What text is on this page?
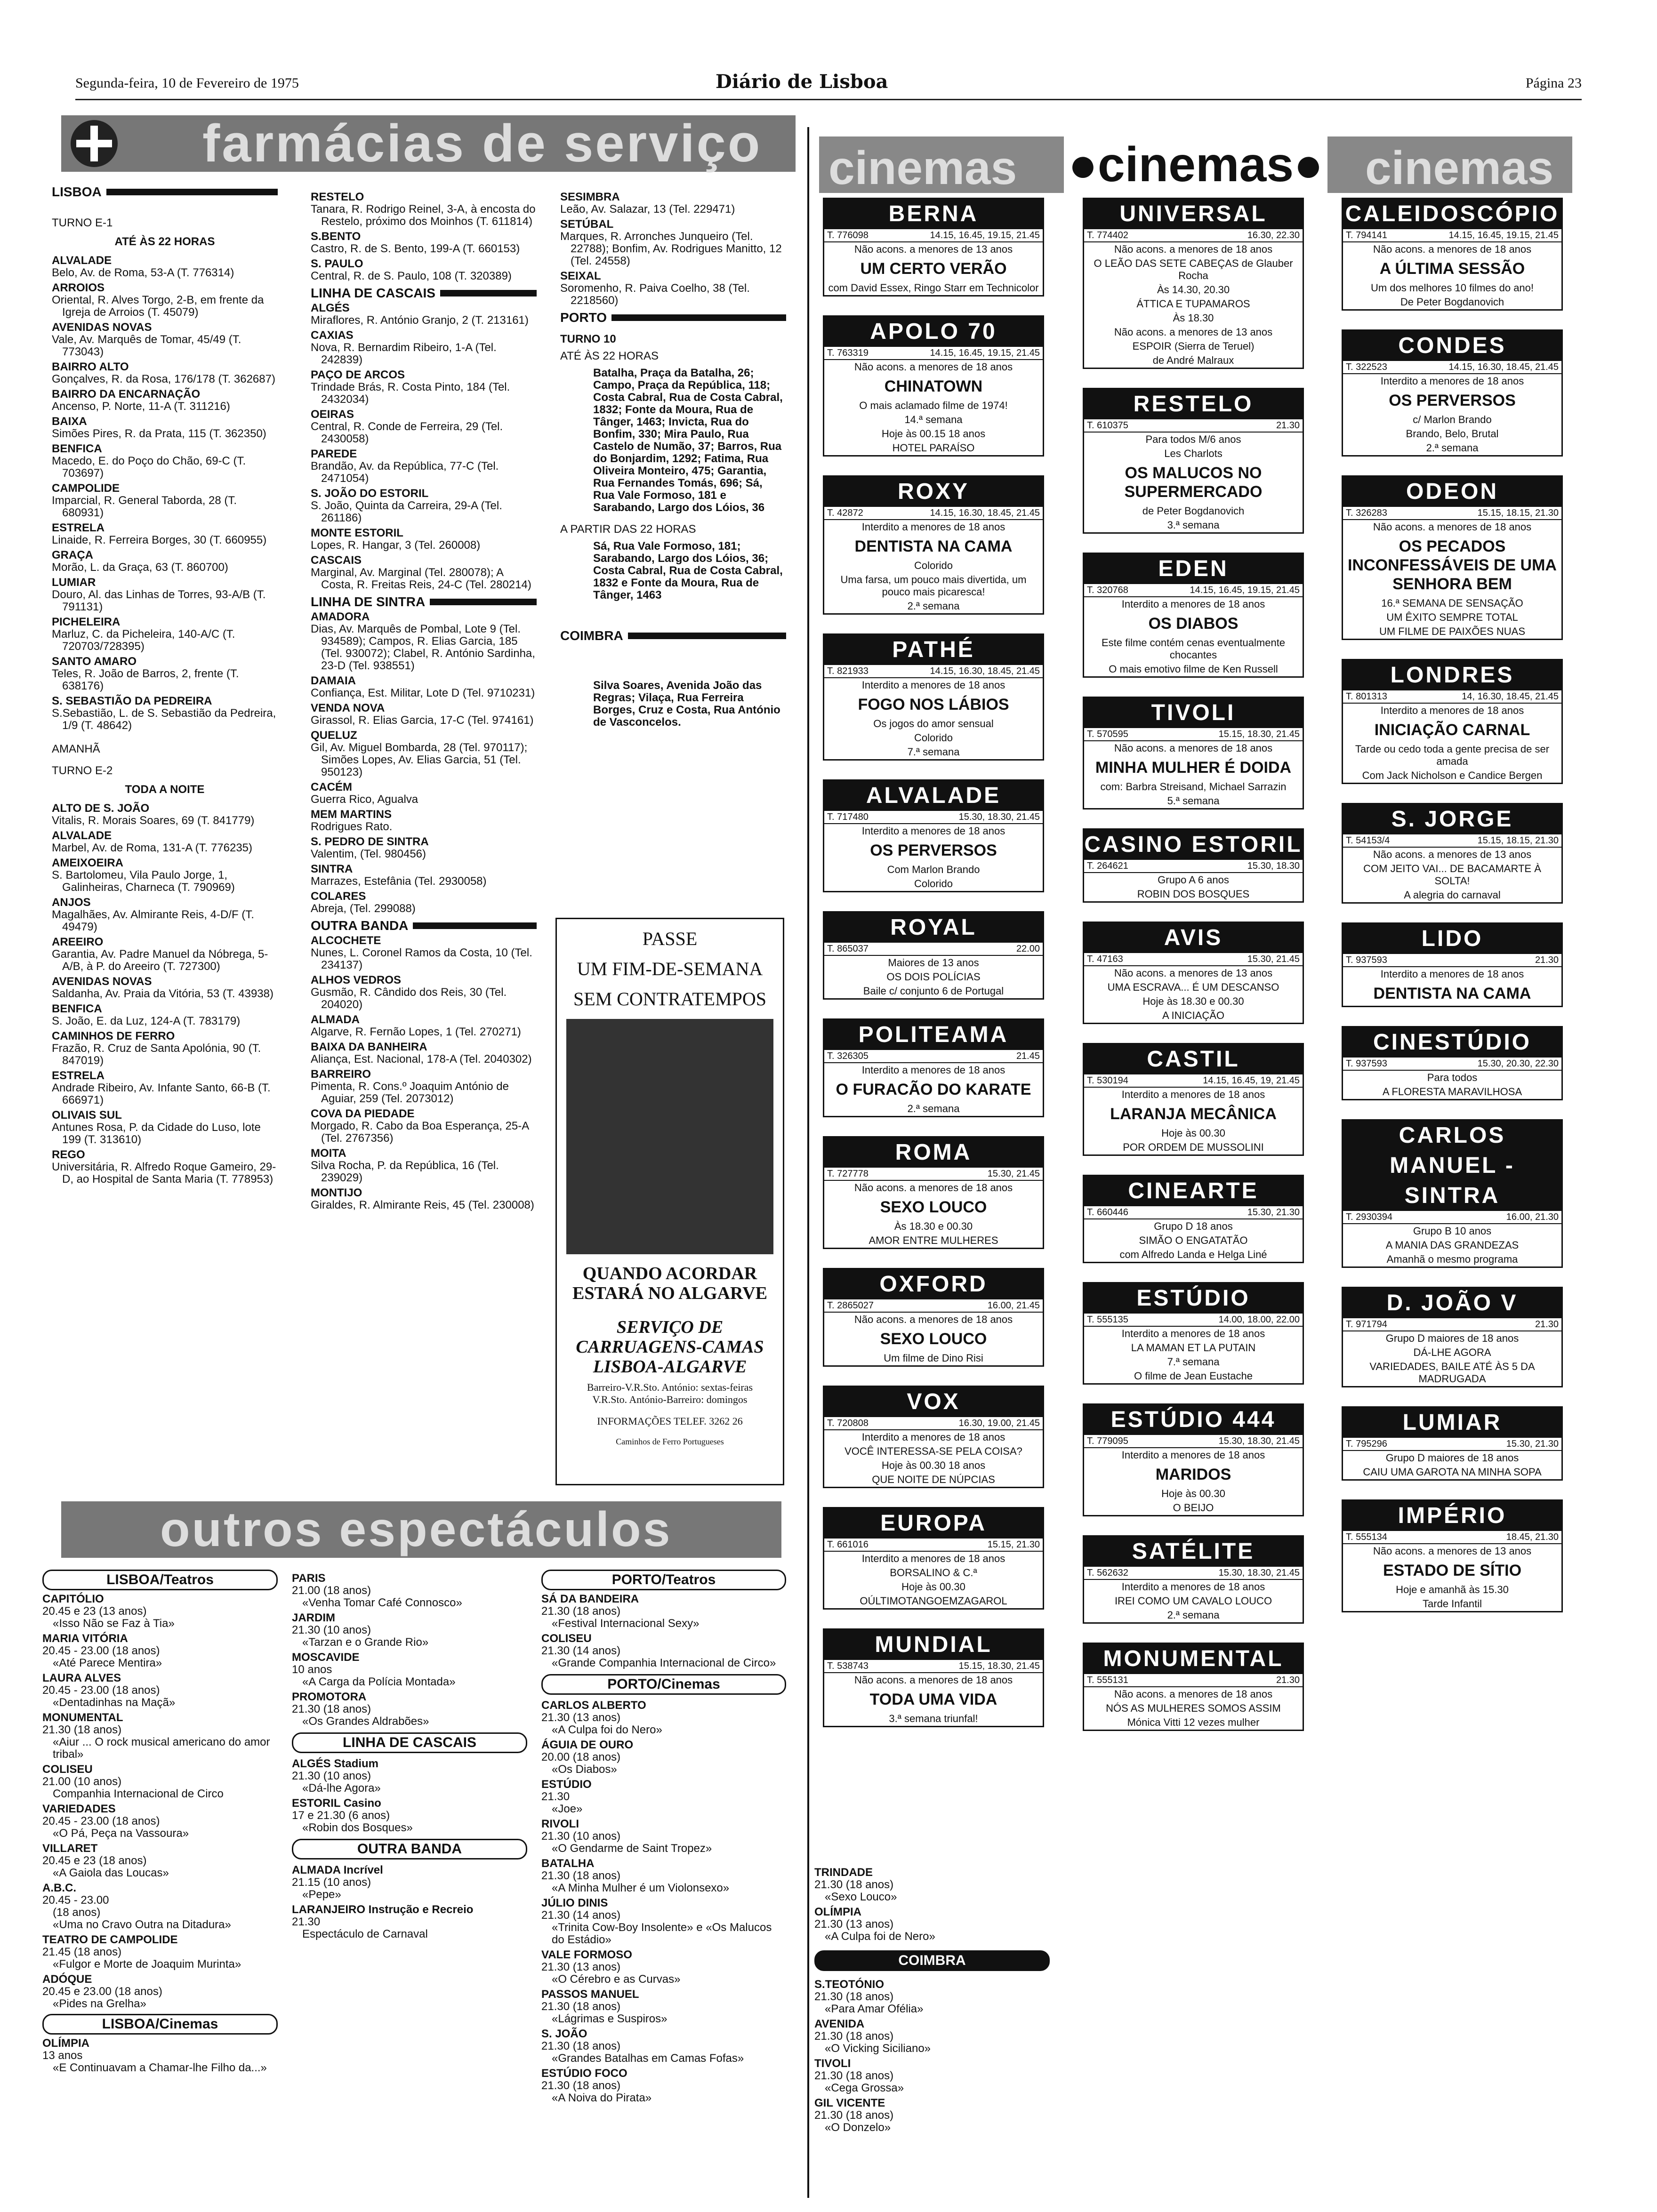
Segunda-feira, 10 de Fevereiro de 1975	Diário de Lisboa	Página 23
farmácias de serviço
LISBOA
TURNO E-1
ATÉ ÀS 22 HORAS
ALVALADE
Belo, Av. de Roma, 53-A (T. 776314)
ARROIOS
Oriental, R. Alves Torgo, 2-B, em frente da Igreja de Arroios (T. 45079)
AVENIDAS NOVAS
Vale, Av. Marquês de Tomar, 45/49 (T. 773043)
BAIRRO ALTO
Gonçalves, R. da Rosa, 176/178 (T. 362687)
BAIRRO DA ENCARNAÇÃO
Ancenso, P. Norte, 11-A (T. 311216)
BAIXA
Simões Pires, R. da Prata, 115 (T. 362350)
BENFICA
Macedo, E. do Poço do Chão, 69-C (T. 703697)
CAMPOLIDE
Imparcial, R. General Taborda, 28 (T. 680931)
ESTRELA
Linaide, R. Ferreira Borges, 30 (T. 660955)
GRAÇA
Morão, L. da Graça, 63 (T. 860700)
LUMIAR
Douro, Al. das Linhas de Torres, 93-A/B (T. 791131)
PICHELEIRA
Marluz, C. da Picheleira, 140-A/C (T. 720703/728395)
SANTO AMARO
Teles, R. João de Barros, 2, frente (T. 638176)
S. SEBASTIÃO DA PEDREIRA
S.Sebastião, L. de S. Sebastião da Pedreira, 1/9 (T. 48642)
AMANHÃ
TURNO E-2
TODA A NOITE
ALTO DE S. JOÃO
Vitalis, R. Morais Soares, 69 (T. 841779)
ALVALADE
Marbel, Av. de Roma, 131-A (T. 776235)
AMEIXOEIRA
S. Bartolomeu, Vila Paulo Jorge, 1, Galinheiras, Charneca (T. 790969)
ANJOS
Magalhães, Av. Almirante Reis, 4-D/F (T. 49479)
AREEIRO
Garantia, Av. Padre Manuel da Nóbrega, 5-A/B, à P. do Areeiro (T. 727300)
AVENIDAS NOVAS
Saldanha, Av. Praia da Vitória, 53 (T. 43938)
BENFICA
S. João, E. da Luz, 124-A (T. 783179)
CAMINHOS DE FERRO
Frazão, R. Cruz de Santa Apolónia, 90 (T. 847019)
ESTRELA
Andrade Ribeiro, Av. Infante Santo, 66-B (T. 666971)
OLIVAIS SUL
Antunes Rosa, P. da Cidade do Luso, lote 199 (T. 313610)
REGO
Universitária, R. Alfredo Roque Gameiro, 29-D, ao Hospital de Santa Maria (T. 778953)
RESTELO
Tanara, R. Rodrigo Reinel, 3-A, à encosta do Restelo, próximo dos Moinhos (T. 611814)
S.BENTO
Castro, R. de S. Bento, 199-A (T. 660153)
S. PAULO
Central, R. de S. Paulo, 108 (T. 320389)
LINHA DE CASCAIS
ALGÉS
Miraflores, R. António Granjo, 2 (T. 213161)
CAXIAS
Nova, R. Bernardim Ribeiro, 1-A (Tel. 242839)
PAÇO DE ARCOS
Trindade Brás, R. Costa Pinto, 184 (Tel. 2432034)
OEIRAS
Central, R. Conde de Ferreira, 29 (Tel. 2430058)
PAREDE
Brandão, Av. da República, 77-C (Tel. 2471054)
S. JOÃO DO ESTORIL
S. João, Quinta da Carreira, 29-A (Tel. 261186)
MONTE ESTORIL
Lopes, R. Hangar, 3 (Tel. 260008)
CASCAIS
Marginal, Av. Marginal (Tel. 280078); A Costa, R. Freitas Reis, 24-C (Tel. 280214)
LINHA DE SINTRA
AMADORA
Dias, Av. Marquês de Pombal, Lote 9 (Tel. 934589); Campos, R. Elias Garcia, 185 (Tel. 930072); Clabel, R. António Sardinha, 23-D (Tel. 938551)
DAMAIA
Confiança, Est. Militar, Lote D (Tel. 9710231)
VENDA NOVA
Girassol, R. Elias Garcia, 17-C (Tel. 974161)
QUELUZ
Gil, Av. Miguel Bombarda, 28 (Tel. 970117); Simões Lopes, Av. Elias Garcia, 51 (Tel. 950123)
CACÉM
Guerra Rico, Agualva
MEM MARTINS
Rodrigues Rato.
S. PEDRO DE SINTRA
Valentim, (Tel. 980456)
SINTRA
Marrazes, Estefânia (Tel. 2930058)
COLARES
Abreja, (Tel. 299088)
OUTRA BANDA
ALCOCHETE
Nunes, L. Coronel Ramos da Costa, 10 (Tel. 234137)
ALHOS VEDROS
Gusmão, R. Cândido dos Reis, 30 (Tel. 204020)
ALMADA
Algarve, R. Fernão Lopes, 1 (Tel. 270271)
BAIXA DA BANHEIRA
Aliança, Est. Nacional, 178-A (Tel. 2040302)
BARREIRO
Pimenta, R. Cons.º Joaquim António de Aguiar, 259 (Tel. 2073012)
COVA DA PIEDADE
Morgado, R. Cabo da Boa Esperança, 25-A (Tel. 2767356)
MOITA
Silva Rocha, P. da República, 16 (Tel. 239029)
MONTIJO
Giraldes, R. Almirante Reis, 45 (Tel. 230008)
SESIMBRA
Leão, Av. Salazar, 13 (Tel. 229471)
SETÚBAL
Marques, R. Arronches Junqueiro (Tel. 22788); Bonfim, Av. Rodrigues Manitto, 12 (Tel. 24558)
SEIXAL
Soromenho, R. Paiva Coelho, 38 (Tel. 2218560)
PORTO
TURNO 10
ATÉ ÀS 22 HORAS
Batalha, Praça da Batalha, 26; Campo, Praça da República, 118; Costa Cabral, Rua de Costa Cabral, 1832; Fonte da Moura, Rua de Tânger, 1463; Invicta, Rua do Bonfim, 330; Mira Paulo, Rua Castelo de Numão, 37; Barros, Rua do Bonjardim, 1292; Fatima, Rua Oliveira Monteiro, 475; Garantia, Rua Fernandes Tomás, 696; Sá, Rua Vale Formoso, 181 e Sarabando, Largo dos Lóios, 36
A PARTIR DAS 22 HORAS
Sá, Rua Vale Formoso, 181; Sarabando, Largo dos Lóios, 36; Costa Cabral, Rua de Costa Cabral, 1832 e Fonte da Moura, Rua de Tânger, 1463
COIMBRA
Silva Soares, Avenida João das Regras; Vilaça, Rua Ferreira Borges, Cruz e Costa, Rua António de Vasconcelos.
PASSE
UM FIM-DE-SEMANA
SEM CONTRATEMPOS
QUANDO ACORDAR
ESTARÁ NO ALGARVE
SERVIÇO DE
CARRUAGENS-CAMAS
LISBOA-ALGARVE
Barreiro-V.R.Sto. António: sextas-feiras
V.R.Sto. António-Barreiro: domingos
INFORMAÇÕES TELEF. 3262 26
Caminhos de Ferro Portugueses
outros espectáculos
LISBOA/Teatros
CAPITÓLIO
20.45 e 23 (13 anos)
«Isso Não se Faz à Tia»
MARIA VITÓRIA
20.45 - 23.00 (18 anos)
«Até Parece Mentira»
LAURA ALVES
20.45 - 23.00 (18 anos)
«Dentadinhas na Maçã»
MONUMENTAL
21.30 (18 anos)
«Aiur ... O rock musical americano do amor tribal»
COLISEU
21.00 (10 anos)
Companhia Internacional de Circo
VARIEDADES
20.45 - 23.00 (18 anos)
«O Pá, Peça na Vassoura»
VILLARET
20.45 e 23 (18 anos)
«A Gaiola das Loucas»
A.B.C.
20.45 - 23.00
(18 anos)
«Uma no Cravo Outra na Ditadura»
TEATRO DE CAMPOLIDE
21.45 (18 anos)
«Fulgor e Morte de Joaquim Murinta»
ADÓQUE
20.45 e 23.00 (18 anos)
«Pides na Grelha»
LISBOA/Cinemas
OLÍMPIA
13 anos
«E Continuavam a Chamar-lhe Filho da...»
PARIS
21.00 (18 anos)
«Venha Tomar Café Connosco»
JARDIM
21.30 (10 anos)
«Tarzan e o Grande Rio»
MOSCAVIDE
10 anos
«A Carga da Polícia Montada»
PROMOTORA
21.30 (18 anos)
«Os Grandes Aldrabões»
LINHA DE CASCAIS
ALGÉS Stadium
21.30 (10 anos)
«Dá-lhe Agora»
ESTORIL Casino
17 e 21.30 (6 anos)
«Robin dos Bosques»
OUTRA BANDA
ALMADA Incrível
21.15 (10 anos)
«Pepe»
LARANJEIRO Instrução e Recreio
21.30
Espectáculo de Carnaval
PORTO/Teatros
SÁ DA BANDEIRA
21.30 (18 anos)
«Festival Internacional Sexy»
COLISEU
21.30 (14 anos)
«Grande Companhia Internacional de Circo»
PORTO/Cinemas
CARLOS ALBERTO
21.30 (13 anos)
«A Culpa foi do Nero»
ÁGUIA DE OURO
20.00 (18 anos)
«Os Diabos»
ESTÚDIO
21.30
«Joe»
RIVOLI
21.30 (10 anos)
«O Gendarme de Saint Tropez»
BATALHA
21.30 (18 anos)
«A Minha Mulher é um Violonsexo»
JÚLIO DINIS
21.30 (14 anos)
«Trinita Cow-Boy Insolente» e «Os Malucos do Estádio»
VALE FORMOSO
21.30 (13 anos)
«O Cérebro e as Curvas»
PASSOS MANUEL
21.30 (18 anos)
«Lágrimas e Suspiros»
S. JOÃO
21.30 (18 anos)
«Grandes Batalhas em Camas Fofas»
ESTÚDIO FOCO
21.30 (18 anos)
«A Noiva do Pirata»
TRINDADE
21.30 (18 anos)
«Sexo Louco»
OLÍMPIA
21.30 (13 anos)
«A Culpa foi de Nero»
COIMBRA
S.TEOTÓNIO
21.30 (18 anos)
«Para Amar Ofélia»
AVENIDA
21.30 (18 anos)
«O Vicking Siciliano»
TIVOLI
21.30 (18 anos)
«Cega Grossa»
GIL VICENTE
21.30 (18 anos)
«O Donzelo»
cinemas ●cinemas● cinemas
BERNA
T. 776098	14.15, 16.45, 19.15, 21.45
Não acons. a menores de 13 anos
UM CERTO VERÃO
com David Essex, Ringo Starr em Technicolor
UNIVERSAL
T. 774402	16.30, 22.30
Não acons. a menores de 18 anos
O LEÃO DAS SETE CABEÇAS de Glauber Rocha
Às 14.30, 20.30
ÁTTICA E TUPAMAROS
Às 18.30
Não acons. a menores de 13 anos
ESPOIR (Sierra de Teruel)
de André Malraux
CALEIDOSCÓPIO
T. 794141	14.15, 16.45, 19.15, 21.45
Não acons. a menores de 18 anos
A ÚLTIMA SESSÃO
Um dos melhores 10 filmes do ano!
De Peter Bogdanovich
APOLO 70
T. 763319	14.15, 16.45, 19.15, 21.45
Não acons. a menores de 18 anos
CHINATOWN
O mais aclamado filme de 1974!
14.ª semana
Hoje às 00.15 18 anos
HOTEL PARAÍSO
RESTELO
T. 610375	21.30
Para todos M/6 anos
Les Charlots
OS MALUCOS NO SUPERMERCADO
de Peter Bogdanovich
3.ª semana
CONDES
T. 322523	14.15, 16.30, 18.45, 21.45
Interdito a menores de 18 anos
OS PERVERSOS
c/ Marlon Brando
Brando, Belo, Brutal
2.ª semana
ROXY
T. 42872	14.15, 16.30, 18.45, 21.45
Interdito a menores de 18 anos
DENTISTA NA CAMA
Colorido
Uma farsa, um pouco mais divertida, um pouco mais picaresca!
2.ª semana
EDEN
T. 320768	14.15, 16.45, 19.15, 21.45
Interdito a menores de 18 anos
OS DIABOS
Este filme contém cenas eventualmente chocantes
O mais emotivo filme de Ken Russell
ODEON
T. 326283	15.15, 18.15, 21.30
Não acons. a menores de 18 anos
OS PECADOS INCONFESSÁVEIS DE UMA SENHORA BEM
16.ª SEMANA DE SENSAÇÃO
UM ÊXITO SEMPRE TOTAL
UM FILME DE PAIXÕES NUAS
PATHÉ
T. 821933	14.15, 16.30, 18.45, 21.45
Interdito a menores de 18 anos
FOGO NOS LÁBIOS
Os jogos do amor sensual
Colorido
7.ª semana
TIVOLI
T. 570595	15.15, 18.30, 21.45
Não acons. a menores de 18 anos
MINHA MULHER É DOIDA
com: Barbra Streisand, Michael Sarrazin
5.ª semana
LONDRES
T. 801313	14, 16.30, 18.45, 21.45
Interdito a menores de 18 anos
INICIAÇÃO CARNAL
Tarde ou cedo toda a gente precisa de ser amada
Com Jack Nicholson e Candice Bergen
ALVALADE
T. 717480	15.30, 18.30, 21.45
Interdito a menores de 18 anos
OS PERVERSOS
Com Marlon Brando
Colorido
CASINO ESTORIL
T. 264621	15.30, 18.30
Grupo A 6 anos
ROBIN DOS BOSQUES
S. JORGE
T. 54153/4	15.15, 18.15, 21.30
Não acons. a menores de 13 anos
COM JEITO VAI... DE BACAMARTE À SOLTA!
A alegria do carnaval
ROYAL
T. 865037	22.00
Maiores de 13 anos
OS DOIS POLÍCIAS
Baile c/ conjunto 6 de Portugal
AVIS
T. 47163	15.30, 21.45
Não acons. a menores de 13 anos
UMA ESCRAVA... É UM DESCANSO
Hoje às 18.30 e 00.30
A INICIAÇÃO
LIDO
T. 937593	21.30
Interdito a menores de 18 anos
DENTISTA NA CAMA
POLITEAMA
T. 326305	21.45
Interdito a menores de 18 anos
O FURACÃO DO KARATE
2.ª semana
CASTIL
T. 530194	14.15, 16.45, 19, 21.45
Interdito a menores de 18 anos
LARANJA MECÂNICA
Hoje às 00.30
POR ORDEM DE MUSSOLINI
CINESTÚDIO
T. 937593	15.30, 20.30, 22.30
Para todos
A FLORESTA MARAVILHOSA
ROMA
T. 727778	15.30, 21.45
Não acons. a menores de 18 anos
SEXO LOUCO
Às 18.30 e 00.30
AMOR ENTRE MULHERES
CINEARTE
T. 660446	15.30, 21.30
Grupo D 18 anos
SIMÃO O ENGATATÃO
com Alfredo Landa e Helga Liné
CARLOS MANUEL - SINTRA
T. 2930394	16.00, 21.30
Grupo B 10 anos
A MANIA DAS GRANDEZAS
Amanhã o mesmo programa
OXFORD
T. 2865027	16.00, 21.45
Não acons. a menores de 18 anos
SEXO LOUCO
Um filme de Dino Risi
ESTÚDIO
T. 555135	14.00, 18.00, 22.00
Interdito a menores de 18 anos
LA MAMAN ET LA PUTAIN
7.ª semana
O filme de Jean Eustache
D. JOÃO V
T. 971794	21.30
Grupo D maiores de 18 anos
DÁ-LHE AGORA
VARIEDADES, BAILE ATÉ ÀS 5 DA MADRUGADA
VOX
T. 720808	16.30, 19.00, 21.45
Interdito a menores de 18 anos
VOCÊ INTERESSA-SE PELA COISA?
Hoje às 00.30 18 anos
QUE NOITE DE NÚPCIAS
ESTÚDIO 444
T. 779095	15.30, 18.30, 21.45
Interdito a menores de 18 anos
MARIDOS
Hoje às 00.30
O BEIJO
LUMIAR
T. 795296	15.30, 21.30
Grupo D maiores de 18 anos
CAIU UMA GAROTA NA MINHA SOPA
EUROPA
T. 661016	15.15, 21.30
Interdito a menores de 18 anos
BORSALINO & C.ª
Hoje às 00.30
OÚLTIMOTANGOEMZAGAROL
SATÉLITE
T. 562632	15.30, 18.30, 21.45
Interdito a menores de 18 anos
IREI COMO UM CAVALO LOUCO
2.ª semana
IMPÉRIO
T. 555134	18.45, 21.30
Não acons. a menores de 13 anos
ESTADO DE SÍTIO
Hoje e amanhã às 15.30
Tarde Infantil
MUNDIAL
T. 538743	15.15, 18.30, 21.45
Não acons. a menores de 18 anos
TODA UMA VIDA
3.ª semana triunfal!
MONUMENTAL
T. 555131	21.30
Não acons. a menores de 18 anos
NÓS AS MULHERES SOMOS ASSIM
Mónica Vitti 12 vezes mulher
